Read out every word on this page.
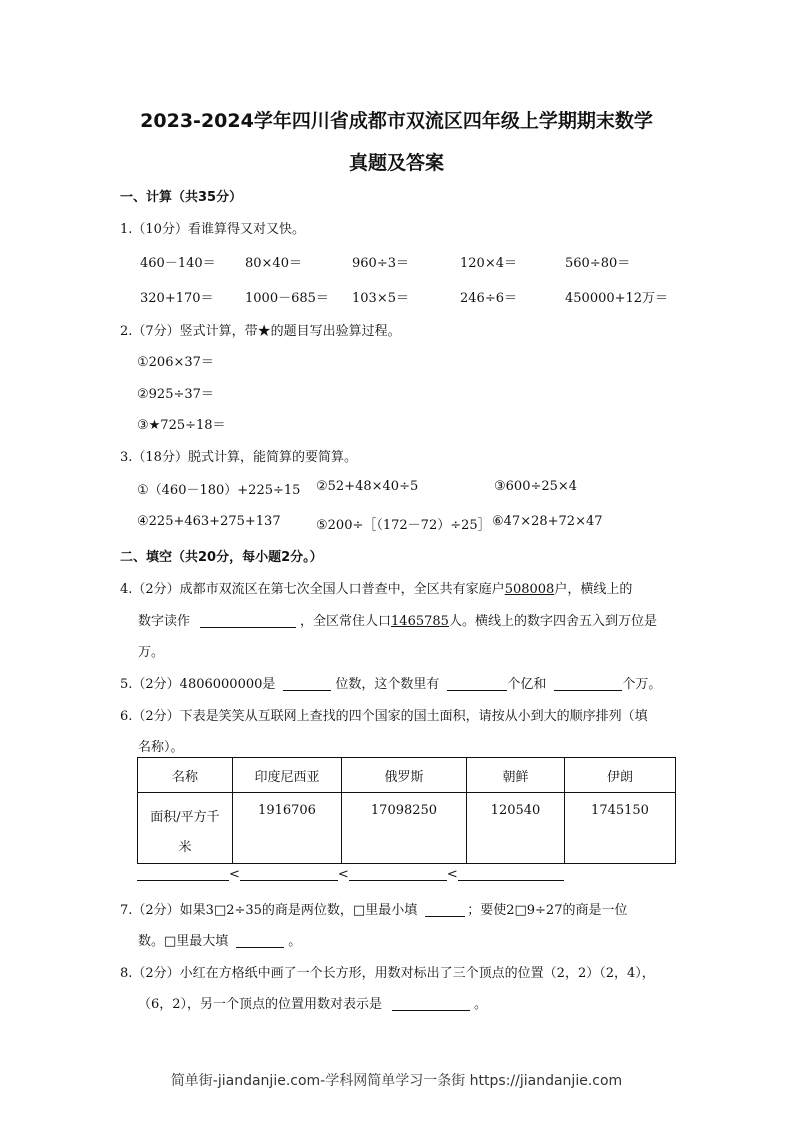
2023-2024学年四川省成都市双流区四年级上学期期末数学
真题及答案
一、计算（共35分）
1.（10分）看谁算得又对又快。
460－140＝ 80×40＝	960÷3＝	120×4＝	560÷80＝
320+170＝ 1000－685＝ 103×5＝	246÷6＝	450000+12万＝
2.（7分）竖式计算，带★的题目写出验算过程。
①206×37＝
②925÷37＝
③★725÷18＝
3.（18分）脱式计算，能简算的要简算。
①（460－180）+225÷15 ②52+48×40÷5	③600÷25×4
④225+463+275+137	⑤200÷［（172－72）÷25］ ⑥47×28+72×47
二、填空（共20分，每小题2分。）
4.（2分）成都市双流区在第七次全国人口普查中，全区共有家庭户508008户，横线上的
数字读作	，全区常住人口1465785人。横线上的数字四舍五入到万位是
万。
5.（2分）4806000000是	位数，这个数里有	个亿和	个万。
6.（2分）下表是笑笑从互联网上查找的四个国家的国土面积，请按从小到大的顺序排列（填
名称）。
名称	印度尼西亚	俄罗斯	朝鲜	伊朗

面积/平方千
米	1916706	17098250	120540	1745150
<	<	<
7.（2分）如果3□2÷35的商是两位数，□里最小填	；要使2□9÷27的商是一位
数。□里最大填	。
8.（2分）小红在方格纸中画了一个长方形，用数对标出了三个顶点的位置（2，2）（2，4），
（6，2），另一个顶点的位置用数对表示是	。
简单街-jiandanjie.com-学科网简单学习一条街 https://jiandanjie.com
